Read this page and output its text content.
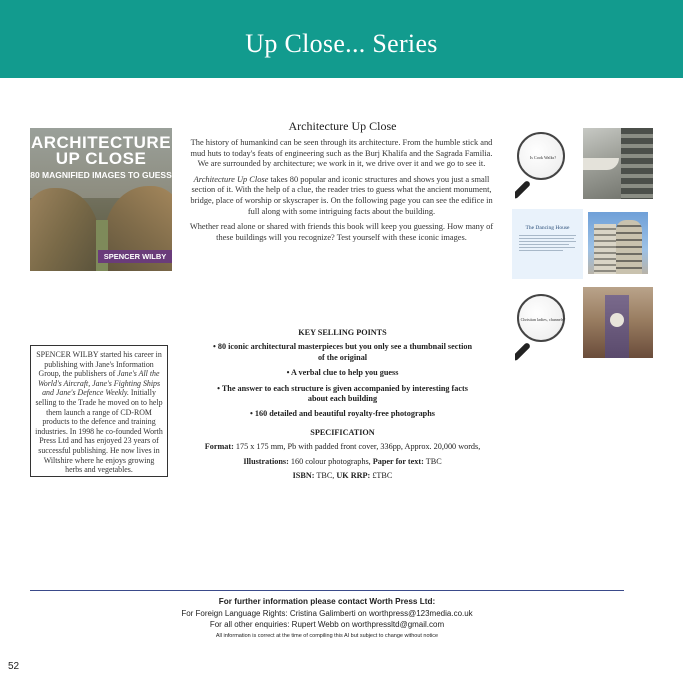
Up Close... Series
ARCHITECTURE
UP CLOSE
80 MAGNIFIED IMAGES TO GUESS
SPENCER WILBY
Architecture Up Close

The history of humankind can be seen through its architecture. From the humble stick and mud huts to today's feats of engineering such as the Burj Khalifa and the Sagrada Familia. We are surrounded by architecture; we work in it, we drive over it and we go to see it.

Architecture Up Close takes 80 popular and iconic structures and shows you just a small section of it. With the help of a clue, the reader tries to guess what the ancient monument, bridge, place of worship or skyscraper is. On the following page you can see the edifice in full along with some intriguing facts about the building.

Whether read alone or shared with friends this book will keep you guessing. How many of these buildings will you recognize? Test yourself with these iconic images.

Is Cook Walks?
The Dancing House
Christian ladies, channels?
SPENCER WILBY started his career in publishing with Jane's Information Group, the publishers of Jane's All the World's Aircraft, Jane's Fighting Ships and Jane's Defence Weekly. Initially selling to the Trade he moved on to help them launch a range of CD-ROM products to the defence and training industries. In 1998 he co-founded Worth Press Ltd and has enjoyed 23 years of successful publishing. He now lives in Wiltshire where he enjoys growing herbs and vegetables.
KEY SELLING POINTS
• 80 iconic architectural masterpieces but you only see a thumbnail section of the original
• A verbal clue to help you guess
• The answer to each structure is given accompanied by interesting facts about each building
• 160 detailed and beautiful royalty-free photographs
SPECIFICATION
Format: 175 x 175 mm, Pb with padded front cover, 336pp, Approx. 20,000 words,
Illustrations: 160 colour photographs, Paper for text: TBC
ISBN: TBC, UK RRP: £TBC
For further information please contact Worth Press Ltd:
For Foreign Language Rights: Cristina Galimberti on worthpress@123media.co.uk
For all other enquiries: Rupert Webb on worthpressltd@gmail.com
All information is correct at the time of compiling this AI but subject to change without notice
52
